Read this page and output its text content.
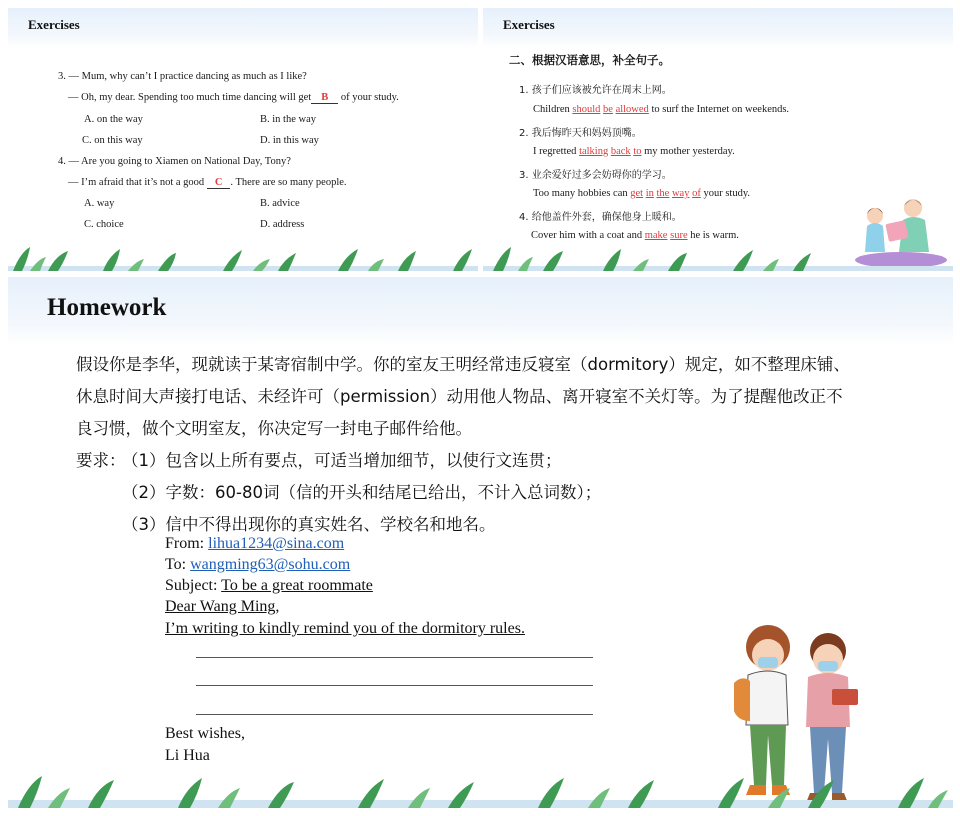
Exercises
3. — Mum, why can’t I practice dancing as much as I like?
— Oh, my dear. Spending too much time dancing will get B of your study.
A. on the way	B. in the way
C. on this way	D. in this way
4. — Are you going to Xiamen on National Day, Tony?
— I’m afraid that it’s not a good C . There are so many people.
A. way	B. advice
C. choice	D. address
Exercises
二、根据汉语意思，补全句子。
1. 孩子们应该被允许在周末上网。
Children should be allowed to surf the Internet on weekends.
2. 我后悔昨天和妈妈顶嘴。
I regretted talking back to my mother yesterday.
3. 业余爱好过多会妨碍你的学习。
Too many hobbies can get in the way of your study.
4. 给他盖件外套，确保他身上暖和。
Cover him with a coat and make sure he is warm.
Homework
假设你是李华，现就读于某寄宿制中学。你的室友王明经常违反寝室（dormitory）规定，如不整理床铺、
休息时间大声接打电话、未经许可（permission）动用他人物品、离开寝室不关灯等。为了提醒他改正不
良习惯，做个文明室友，你决定写一封电子邮件给他。
要求：
（1）包含以上所有要点，可适当增加细节，以使行文连贯；
（2）字数：60-80词（信的开头和结尾已给出，不计入总词数）；
（3）信中不得出现你的真实姓名、学校名和地名。
From: lihua1234@sina.com
To: wangming63@sohu.com
Subject: To be a great roommate
Dear Wang Ming,
I’m writing to kindly remind you of the dormitory rules.
Best wishes,
Li Hua
